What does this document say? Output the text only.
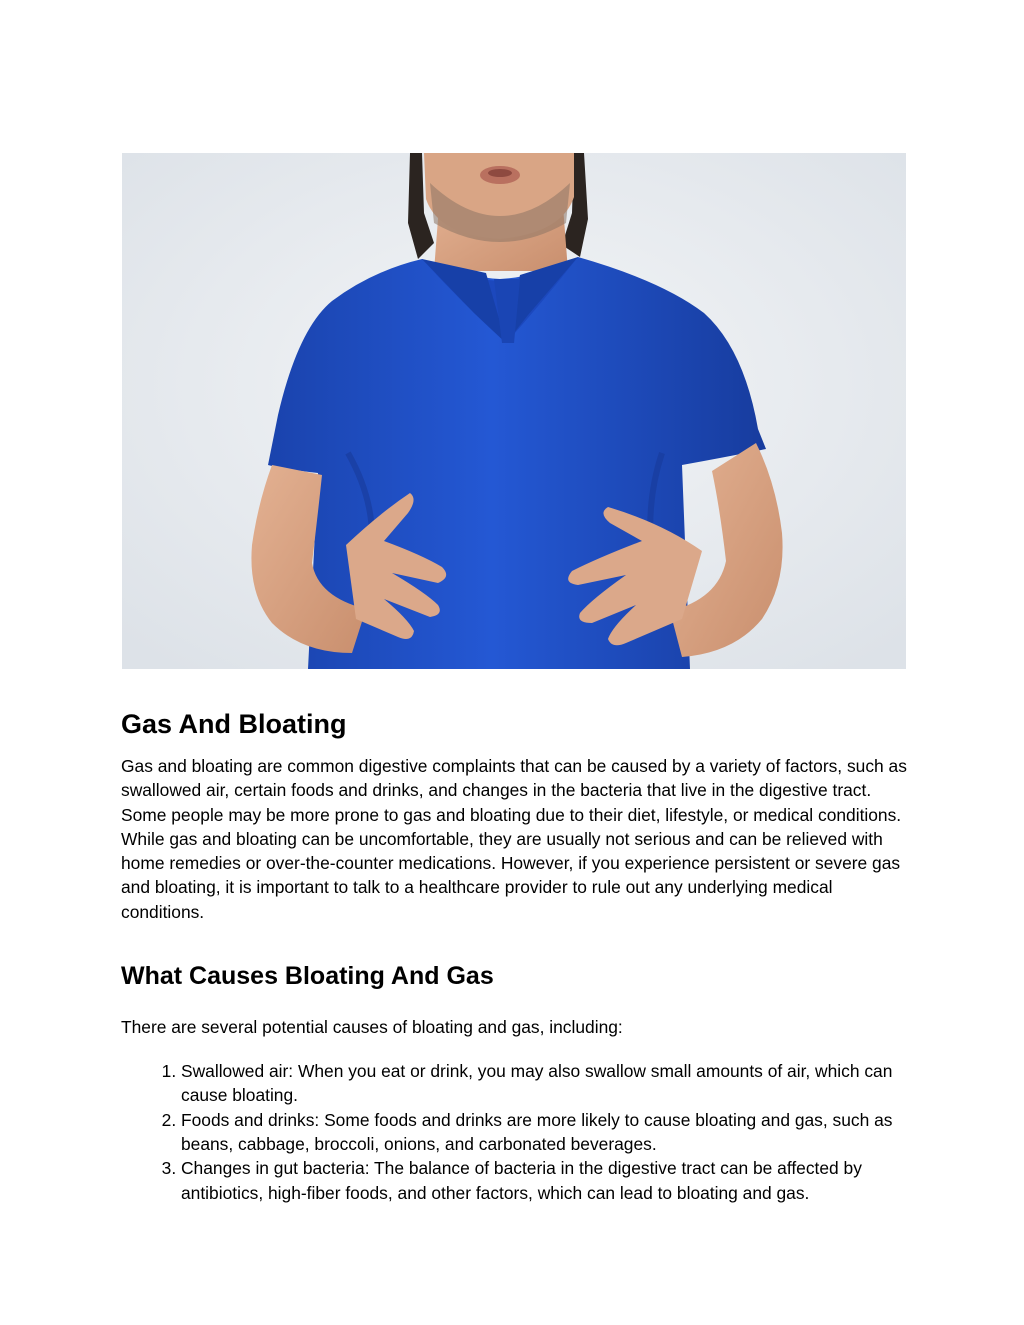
Gas And Bloating

Gas and bloating are common digestive complaints that can be caused by a variety of factors, such as swallowed air, certain foods and drinks, and changes in the bacteria that live in the digestive tract. Some people may be more prone to gas and bloating due to their diet, lifestyle, or medical conditions. While gas and bloating can be uncomfortable, they are usually not serious and can be relieved with home remedies or over-the-counter medications. However, if you experience persistent or severe gas and bloating, it is important to talk to a healthcare provider to rule out any underlying medical conditions.

What Causes Bloating And Gas

There are several potential causes of bloating and gas, including:

1. Swallowed air: When you eat or drink, you may also swallow small amounts of air, which can cause bloating.
2. Foods and drinks: Some foods and drinks are more likely to cause bloating and gas, such as beans, cabbage, broccoli, onions, and carbonated beverages.
3. Changes in gut bacteria: The balance of bacteria in the digestive tract can be affected by antibiotics, high-fiber foods, and other factors, which can lead to bloating and gas.
